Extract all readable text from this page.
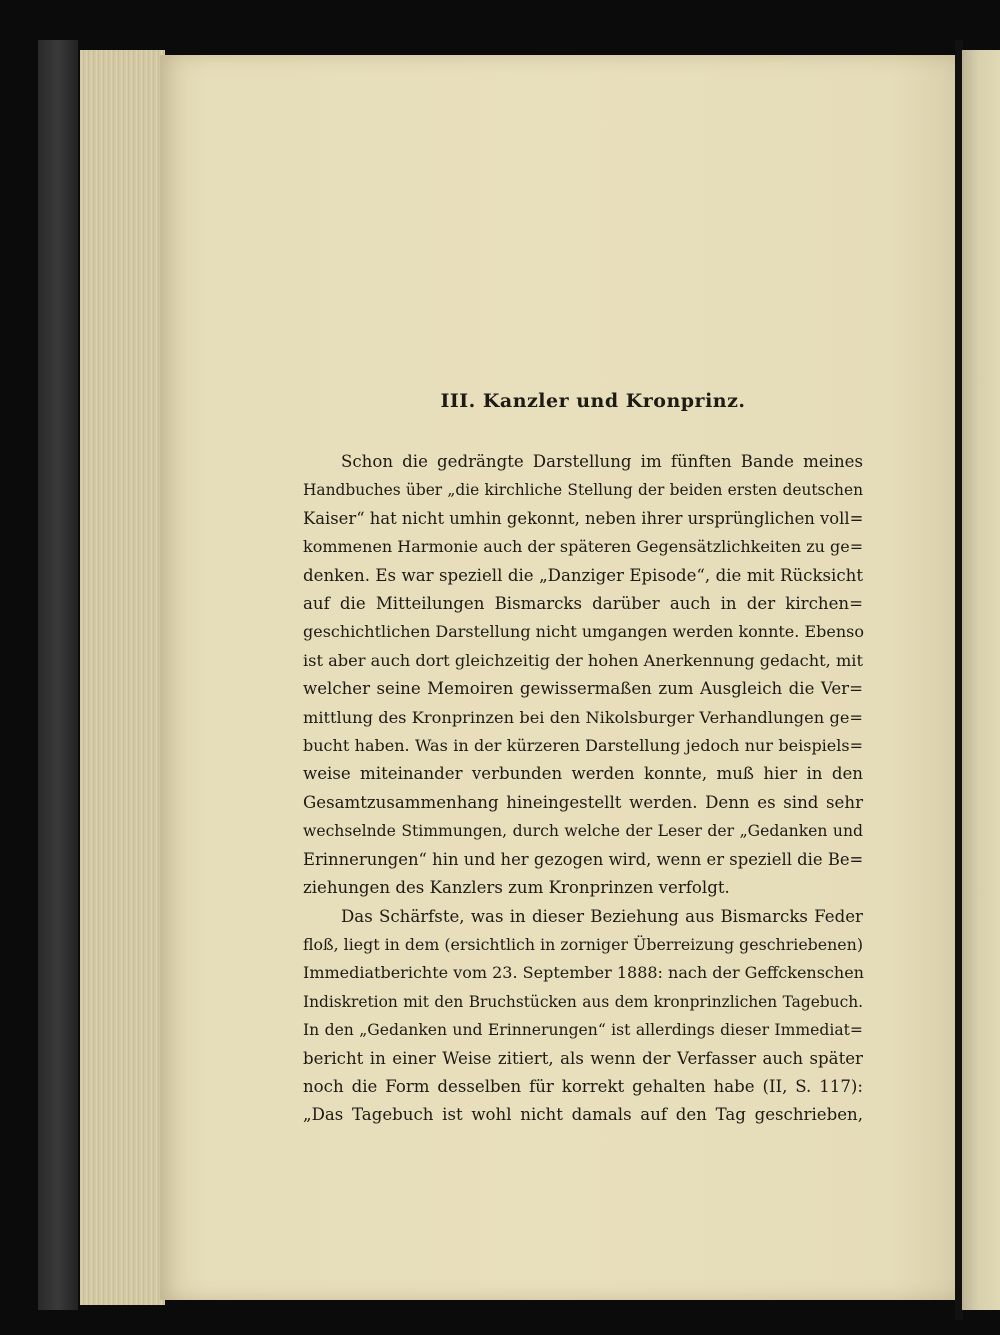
III. Kanzler und Kronprinz.
Schon die gedrängte Darstellung im fünften Bande meines
Handbuches über „die kirchliche Stellung der beiden ersten deutschen
Kaiser“ hat nicht umhin gekonnt, neben ihrer ursprünglichen voll=
kommenen Harmonie auch der späteren Gegensätzlichkeiten zu ge=
denken. Es war speziell die „Danziger Episode“, die mit Rücksicht
auf die Mitteilungen Bismarcks darüber auch in der kirchen=
geschichtlichen Darstellung nicht umgangen werden konnte. Ebenso
ist aber auch dort gleichzeitig der hohen Anerkennung gedacht, mit
welcher seine Memoiren gewissermaßen zum Ausgleich die Ver=
mittlung des Kronprinzen bei den Nikolsburger Verhandlungen ge=
bucht haben. Was in der kürzeren Darstellung jedoch nur beispiels=
weise miteinander verbunden werden konnte, muß hier in den
Gesamtzusammenhang hineingestellt werden. Denn es sind sehr
wechselnde Stimmungen, durch welche der Leser der „Gedanken und
Erinnerungen“ hin und her gezogen wird, wenn er speziell die Be=
ziehungen des Kanzlers zum Kronprinzen verfolgt.
Das Schärfste, was in dieser Beziehung aus Bismarcks Feder
floß, liegt in dem (ersichtlich in zorniger Überreizung geschriebenen)
Immediatberichte vom 23. September 1888: nach der Geffckenschen
Indiskretion mit den Bruchstücken aus dem kronprinzlichen Tagebuch.
In den „Gedanken und Erinnerungen“ ist allerdings dieser Immediat=
bericht in einer Weise zitiert, als wenn der Verfasser auch später
noch die Form desselben für korrekt gehalten habe (II, S. 117):
„Das Tagebuch ist wohl nicht damals auf den Tag geschrieben,
